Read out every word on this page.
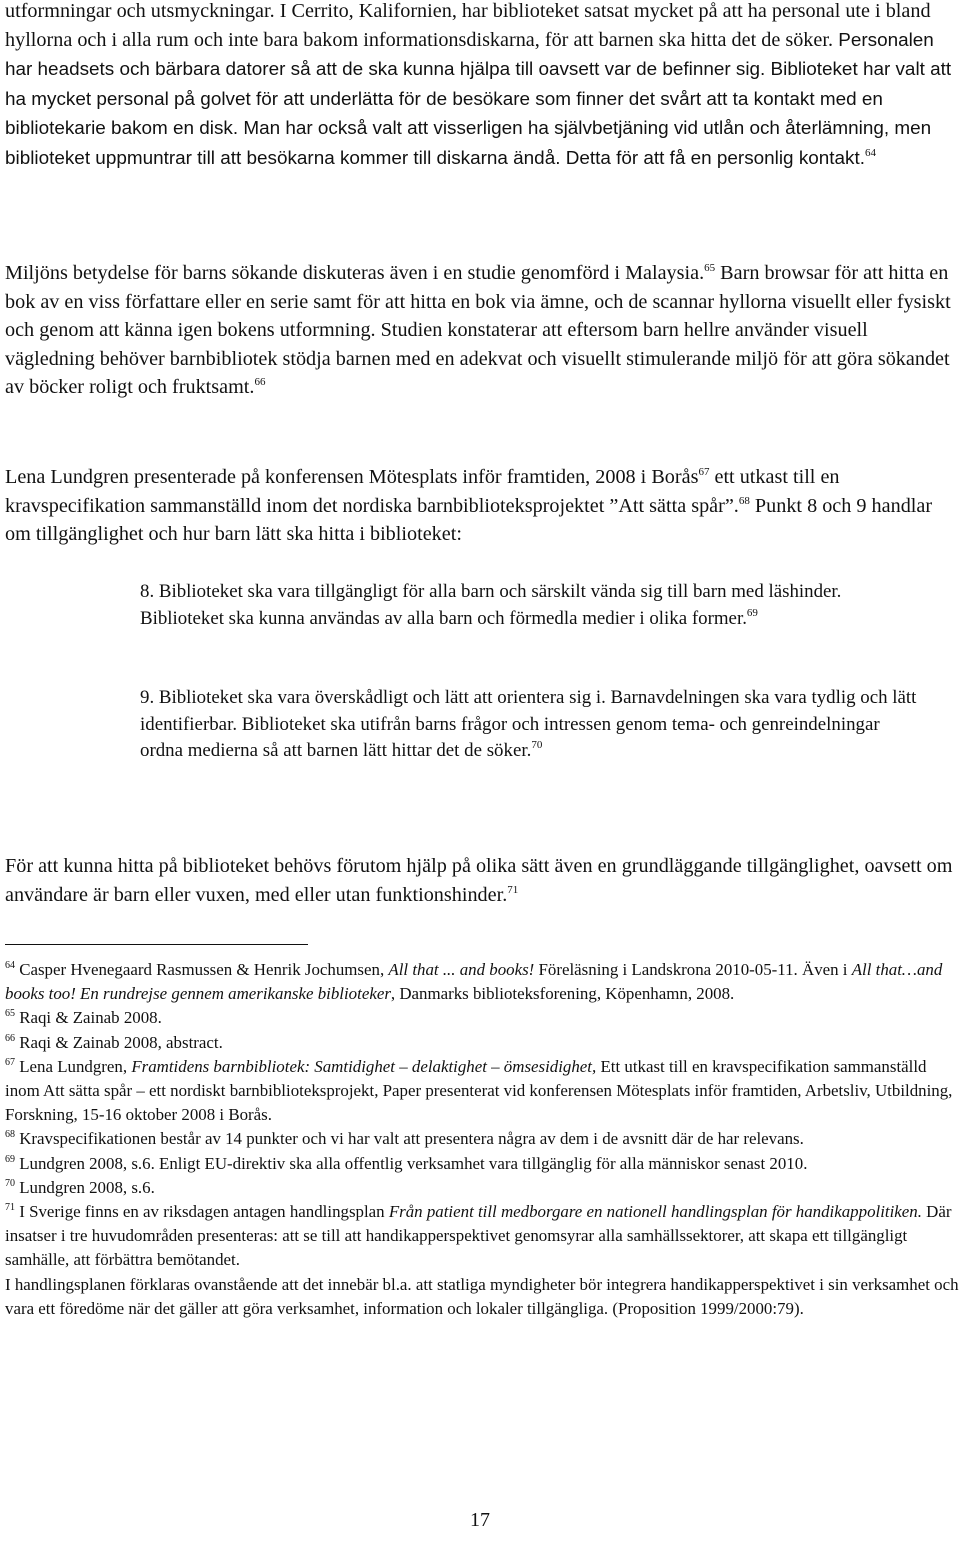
utformningar och utsmyckningar. I Cerrito, Kalifornien, har biblioteket satsat mycket på att ha personal ute i bland hyllorna och i alla rum och inte bara bakom informationsdiskarna, för att barnen ska hitta det de söker. Personalen har headsets och bärbara datorer så att de ska kunna hjälpa till oavsett var de befinner sig. Biblioteket har valt att ha mycket personal på golvet för att underlätta för de besökare som finner det svårt att ta kontakt med en bibliotekarie bakom en disk. Man har också valt att visserligen ha självbetjäning vid utlån och återlämning, men biblioteket uppmuntrar till att besökarna kommer till diskarna ändå. Detta för att få en personlig kontakt.$^{64}$

Miljöns betydelse för barns sökande diskuteras även i en studie genomförd i Malaysia.$^{65}$ Barn browsar för att hitta en bok av en viss författare eller en serie samt för att hitta en bok via ämne, och de scannar hyllorna visuellt eller fysiskt och genom att känna igen bokens utformning. Studien konstaterar att eftersom barn hellre använder visuell vägledning behöver barnbibliotek stödja barnen med en adekvat och visuellt stimulerande miljö för att göra sökandet av böcker roligt och fruktsamt.$^{66}$

Lena Lundgren presenterade på konferensen Mötesplats inför framtiden, 2008 i Borås$^{67}$ ett utkast till en kravspecifikation sammanställd inom det nordiska barnbiblioteksprojektet ”Att sätta spår”.$^{68}$ Punkt 8 och 9 handlar om tillgänglighet och hur barn lätt ska hitta i biblioteket:

8. Biblioteket ska vara tillgängligt för alla barn och särskilt vända sig till barn med läshinder. Biblioteket ska kunna användas av alla barn och förmedla medier i olika former.$^{69}$

9. Biblioteket ska vara överskådligt och lätt att orientera sig i. Barnavdelningen ska vara tydlig och lätt identifierbar. Biblioteket ska utifrån barns frågor och intressen genom tema- och genreindelningar ordna medierna så att barnen lätt hittar det de söker.$^{70}$

För att kunna hitta på biblioteket behövs förutom hjälp på olika sätt även en grundläggande tillgänglighet, oavsett om användare är barn eller vuxen, med eller utan funktionshinder.$^{71}$

$^{64}$ Casper Hvenegaard Rasmussen & Henrik Jochumsen, All that ... and books! Föreläsning i Landskrona 2010-05-11. Även i All that…and books too! En rundrejse gennem amerikanske biblioteker, Danmarks biblioteksforening, Köpenhamn, 2008.

$^{65}$ Raqi & Zainab 2008.

$^{66}$ Raqi & Zainab 2008, abstract.

$^{67}$ Lena Lundgren, Framtidens barnbibliotek: Samtidighet – delaktighet – ömsesidighet, Ett utkast till en kravspecifikation sammanställd inom Att sätta spår – ett nordiskt barnbiblioteksprojekt, Paper presenterat vid konferensen Mötesplats inför framtiden, Arbetsliv, Utbildning, Forskning, 15-16 oktober 2008 i Borås.

$^{68}$ Kravspecifikationen består av 14 punkter och vi har valt att presentera några av dem i de avsnitt där de har relevans.

$^{69}$ Lundgren 2008, s.6. Enligt EU-direktiv ska alla offentlig verksamhet vara tillgänglig för alla människor senast 2010.

$^{70}$ Lundgren 2008, s.6.

$^{71}$ I Sverige finns en av riksdagen antagen handlingsplan Från patient till medborgare en nationell handlingsplan för handikappolitiken. Där insatser i tre huvudområden presenteras: att se till att handikapperspektivet genomsyrar alla samhällssektorer, att skapa ett tillgängligt samhälle, att förbättra bemötandet.

I handlingsplanen förklaras ovanstående att det innebär bl.a. att statliga myndigheter bör integrera handikapperspektivet i sin verksamhet och vara ett föredöme när det gäller att göra verksamhet, information och lokaler tillgängliga. (Proposition 1999/2000:79).

17
